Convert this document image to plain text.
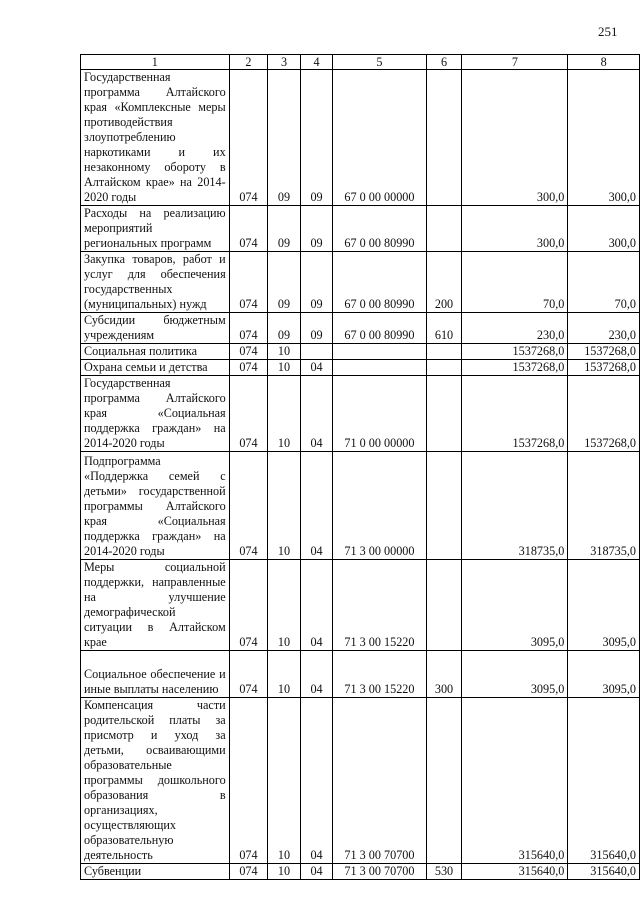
251
1	2	3	4	5	6	7	8
Государственная программа Алтайского края «Комплексные меры противодействия злоупотреблению наркотиками и их незаконному обороту в Алтайском крае» на 2014-2020 годы	074	09	09	67 0 00 00000		300,0	300,0
Расходы на реализацию мероприятий региональных программ	074	09	09	67 0 00 80990		300,0	300,0
Закупка товаров, работ и услуг для обеспечения государственных (муниципальных) нужд	074	09	09	67 0 00 80990	200	70,0	70,0
Субсидии бюджетным учреждениям	074	09	09	67 0 00 80990	610	230,0	230,0
Социальная политика	074	10				1537268,0	1537268,0
Охрана семьи и детства	074	10	04			1537268,0	1537268,0
Государственная программа Алтайского края «Социальная поддержка граждан» на 2014-2020 годы	074	10	04	71 0 00 00000		1537268,0	1537268,0
Подпрограмма «Поддержка семей с детьми» государственной программы Алтайского края «Социальная поддержка граждан» на 2014-2020 годы	074	10	04	71 3 00 00000		318735,0	318735,0
Меры социальной поддержки, направленные на улучшение демографической ситуации в Алтайском крае	074	10	04	71 3 00 15220		3095,0	3095,0
Социальное обеспечение и иные выплаты населению	074	10	04	71 3 00 15220	300	3095,0	3095,0
Компенсация части родительской платы за присмотр и уход за детьми, осваивающими образовательные программы дошкольного образования в организациях, осуществляющих образовательную деятельность	074	10	04	71 3 00 70700		315640,0	315640,0
Субвенции	074	10	04	71 3 00 70700	530	315640,0	315640,0
